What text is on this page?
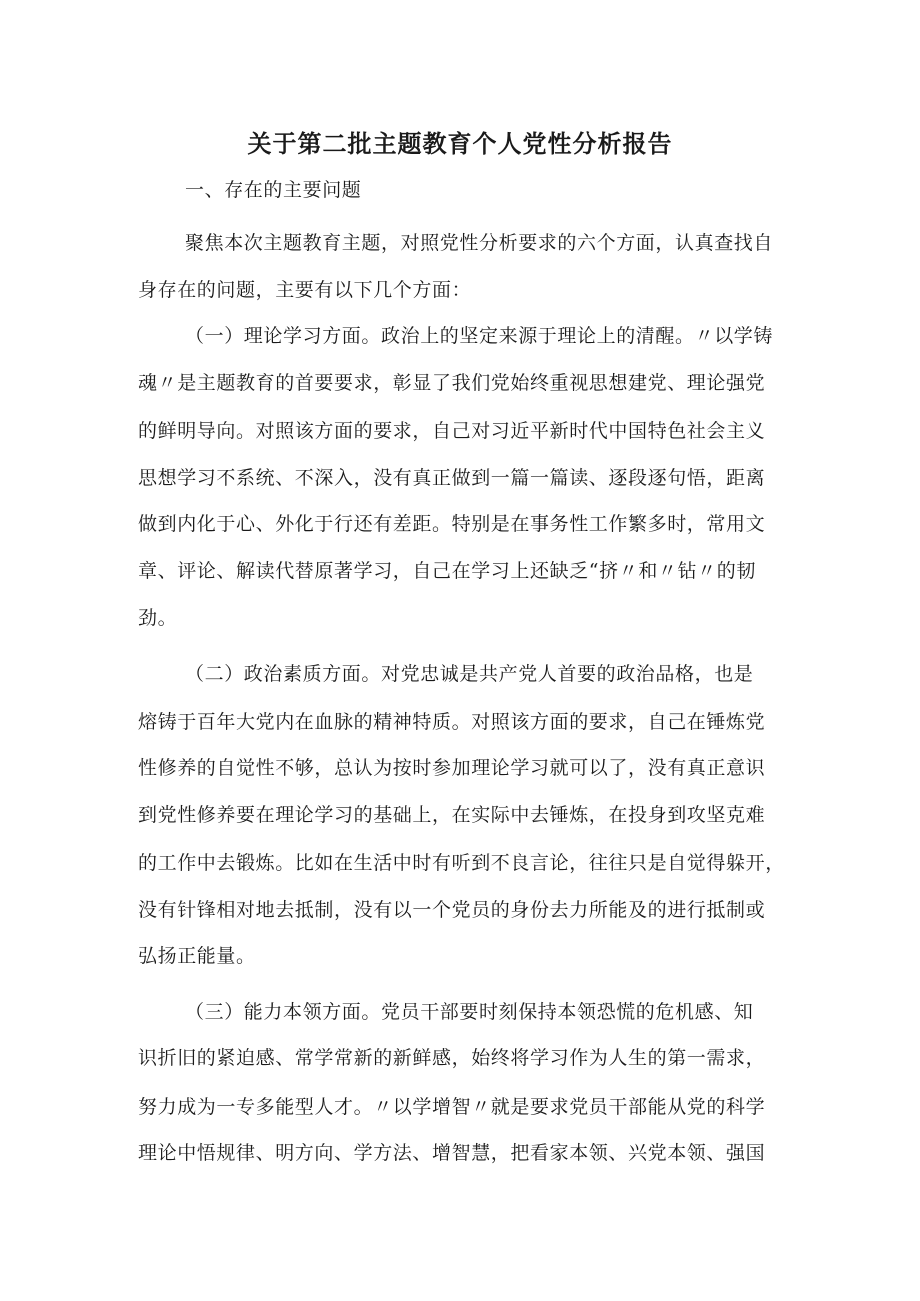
关于第二批主题教育个人党性分析报告

一、存在的主要问题

聚焦本次主题教育主题，对照党性分析要求的六个方面，认真查找自

身存在的问题，主要有以下几个方面：

（一）理论学习方面。政治上的坚定来源于理论上的清醒。〃以学铸

魂〃是主题教育的首要要求，彰显了我们党始终重视思想建党、理论强党

的鲜明导向。对照该方面的要求，自己对习近平新时代中国特色社会主义

思想学习不系统、不深入，没有真正做到一篇一篇读、逐段逐句悟，距离

做到内化于心、外化于行还有差距。特别是在事务性工作繁多时，常用文

章、评论、解读代替原著学习，自己在学习上还缺乏“挤〃和〃钻〃的韧

劲。

（二）政治素质方面。对党忠诚是共产党人首要的政治品格，也是

熔铸于百年大党内在血脉的精神特质。对照该方面的要求，自己在锤炼党

性修养的自觉性不够，总认为按时参加理论学习就可以了，没有真正意识

到党性修养要在理论学习的基础上，在实际中去锤炼，在投身到攻坚克难

的工作中去锻炼。比如在生活中时有听到不良言论，往往只是自觉得躲开，

没有针锋相对地去抵制，没有以一个党员的身份去力所能及的进行抵制或

弘扬正能量。

（三）能力本领方面。党员干部要时刻保持本领恐慌的危机感、知

识折旧的紧迫感、常学常新的新鲜感，始终将学习作为人生的第一需求，

努力成为一专多能型人才。〃以学增智〃就是要求党员干部能从党的科学

理论中悟规律、明方向、学方法、增智慧，把看家本领、兴党本领、强国
